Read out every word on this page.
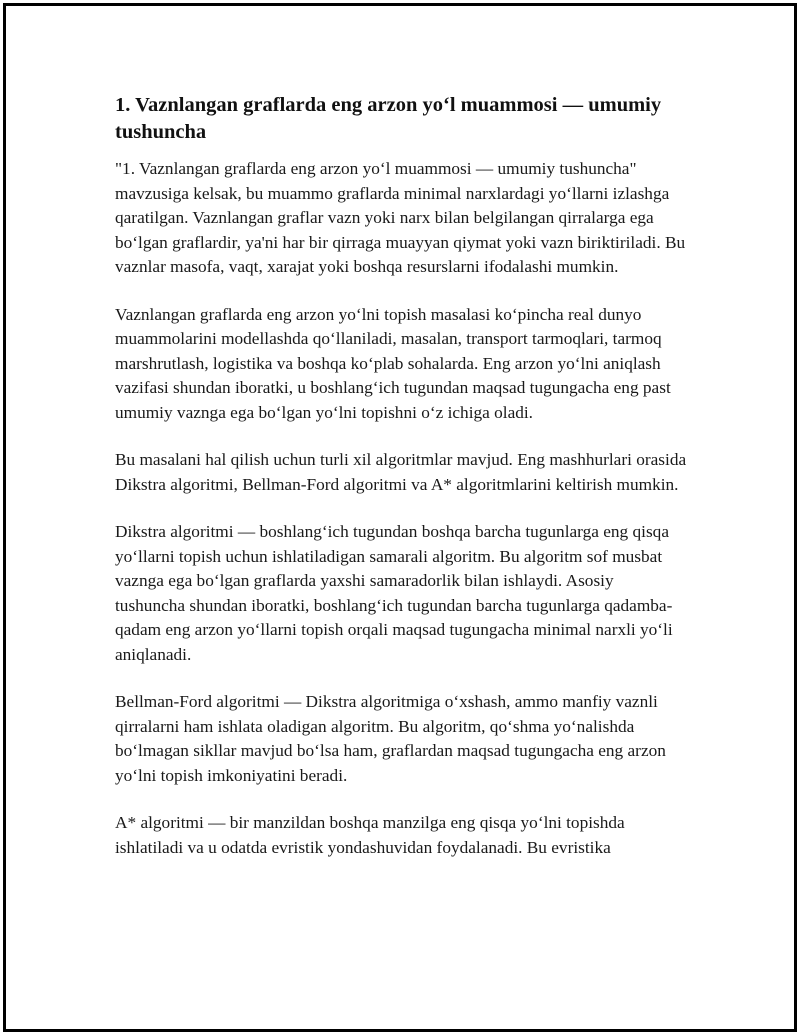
1. Vaznlangan graflarda eng arzon yo‘l muammosi — umumiy tushuncha

"1. Vaznlangan graflarda eng arzon yo‘l muammosi — umumiy tushuncha" mavzusiga kelsak, bu muammo graflarda minimal narxlardagi yo‘llarni izlashga qaratilgan. Vaznlangan graflar vazn yoki narx bilan belgilangan qirralarga ega bo‘lgan graflardir, ya'ni har bir qirraga muayyan qiymat yoki vazn biriktiriladi. Bu vaznlar masofa, vaqt, xarajat yoki boshqa resurslarni ifodalashi mumkin.

Vaznlangan graflarda eng arzon yo‘lni topish masalasi ko‘pincha real dunyo muammolarini modellashda qo‘llaniladi, masalan, transport tarmoqlari, tarmoq marshrutlash, logistika va boshqa ko‘plab sohalarda. Eng arzon yo‘lni aniqlash vazifasi shundan iboratki, u boshlang‘ich tugundan maqsad tugungacha eng past umumiy vaznga ega bo‘lgan yo‘lni topishni o‘z ichiga oladi.

Bu masalani hal qilish uchun turli xil algoritmlar mavjud. Eng mashhurlari orasida Dikstra algoritmi, Bellman-Ford algoritmi va A* algoritmlarini keltirish mumkin.

Dikstra algoritmi — boshlang‘ich tugundan boshqa barcha tugunlarga eng qisqa yo‘llarni topish uchun ishlatiladigan samarali algoritm. Bu algoritm sof musbat vaznga ega bo‘lgan graflarda yaxshi samaradorlik bilan ishlaydi. Asosiy tushuncha shundan iboratki, boshlang‘ich tugundan barcha tugunlarga qadamba-qadam eng arzon yo‘llarni topish orqali maqsad tugungacha minimal narxli yo‘li aniqlanadi.

Bellman-Ford algoritmi — Dikstra algoritmiga o‘xshash, ammo manfiy vaznli qirralarni ham ishlata oladigan algoritm. Bu algoritm, qo‘shma yo‘nalishda bo‘lmagan sikllar mavjud bo‘lsa ham, graflardan maqsad tugungacha eng arzon yo‘lni topish imkoniyatini beradi.

A* algoritmi — bir manzildan boshqa manzilga eng qisqa yo‘lni topishda ishlatiladi va u odatda evristik yondashuvidan foydalanadi. Bu evristika
